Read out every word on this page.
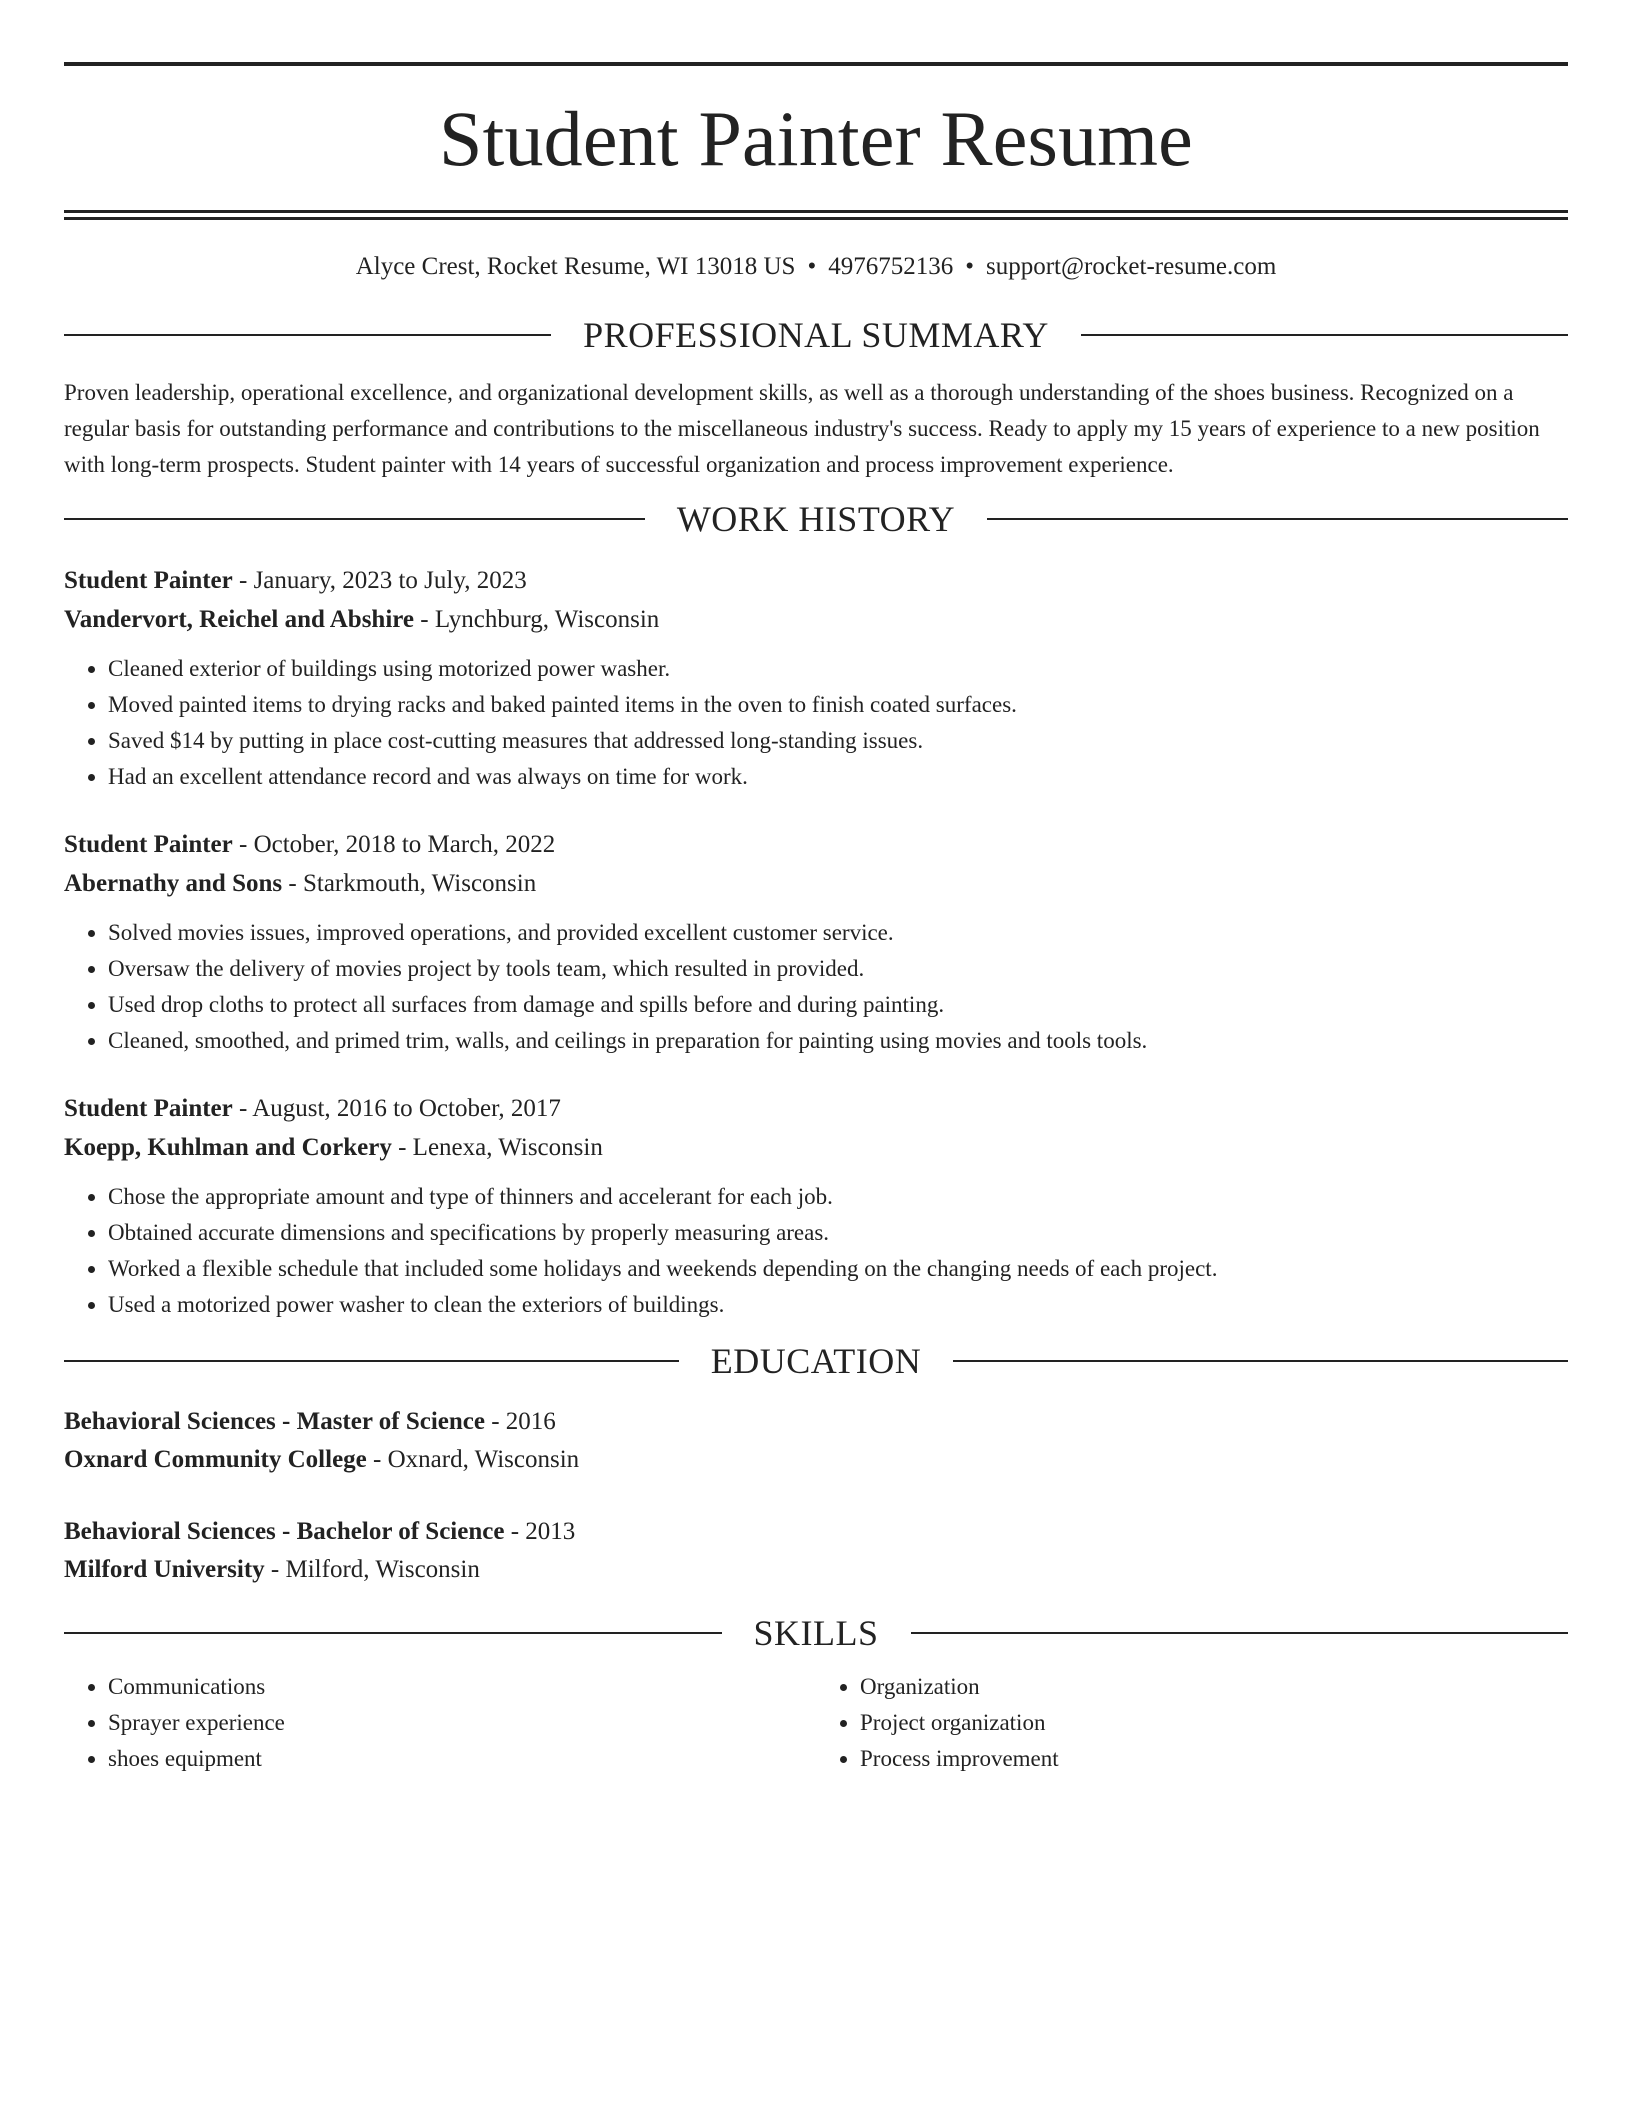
Student Painter Resume
Alyce Crest, Rocket Resume, WI 13018 US • 4976752136 • support@rocket-resume.com
PROFESSIONAL SUMMARY

Proven leadership, operational excellence, and organizational development skills, as well as a thorough understanding of the shoes business. Recognized on a regular basis for outstanding performance and contributions to the miscellaneous industry's success. Ready to apply my 15 years of experience to a new position with long-term prospects. Student painter with 14 years of successful organization and process improvement experience.

WORK HISTORY
Student Painter - January, 2023 to July, 2023
Vandervort, Reichel and Abshire - Lynchburg, Wisconsin
• Cleaned exterior of buildings using motorized power washer.
• Moved painted items to drying racks and baked painted items in the oven to finish coated surfaces.
• Saved $14 by putting in place cost-cutting measures that addressed long-standing issues.
• Had an excellent attendance record and was always on time for work.
Student Painter - October, 2018 to March, 2022
Abernathy and Sons - Starkmouth, Wisconsin
• Solved movies issues, improved operations, and provided excellent customer service.
• Oversaw the delivery of movies project by tools team, which resulted in provided.
• Used drop cloths to protect all surfaces from damage and spills before and during painting.
• Cleaned, smoothed, and primed trim, walls, and ceilings in preparation for painting using movies and tools tools.
Student Painter - August, 2016 to October, 2017
Koepp, Kuhlman and Corkery - Lenexa, Wisconsin
• Chose the appropriate amount and type of thinners and accelerant for each job.
• Obtained accurate dimensions and specifications by properly measuring areas.
• Worked a flexible schedule that included some holidays and weekends depending on the changing needs of each project.
• Used a motorized power washer to clean the exteriors of buildings.
EDUCATION
Behavioral Sciences - Master of Science - 2016
Oxnard Community College - Oxnard, Wisconsin
Behavioral Sciences - Bachelor of Science - 2013
Milford University - Milford, Wisconsin
SKILLS
• Communications
• Sprayer experience
• shoes equipment
• Organization
• Project organization
• Process improvement
